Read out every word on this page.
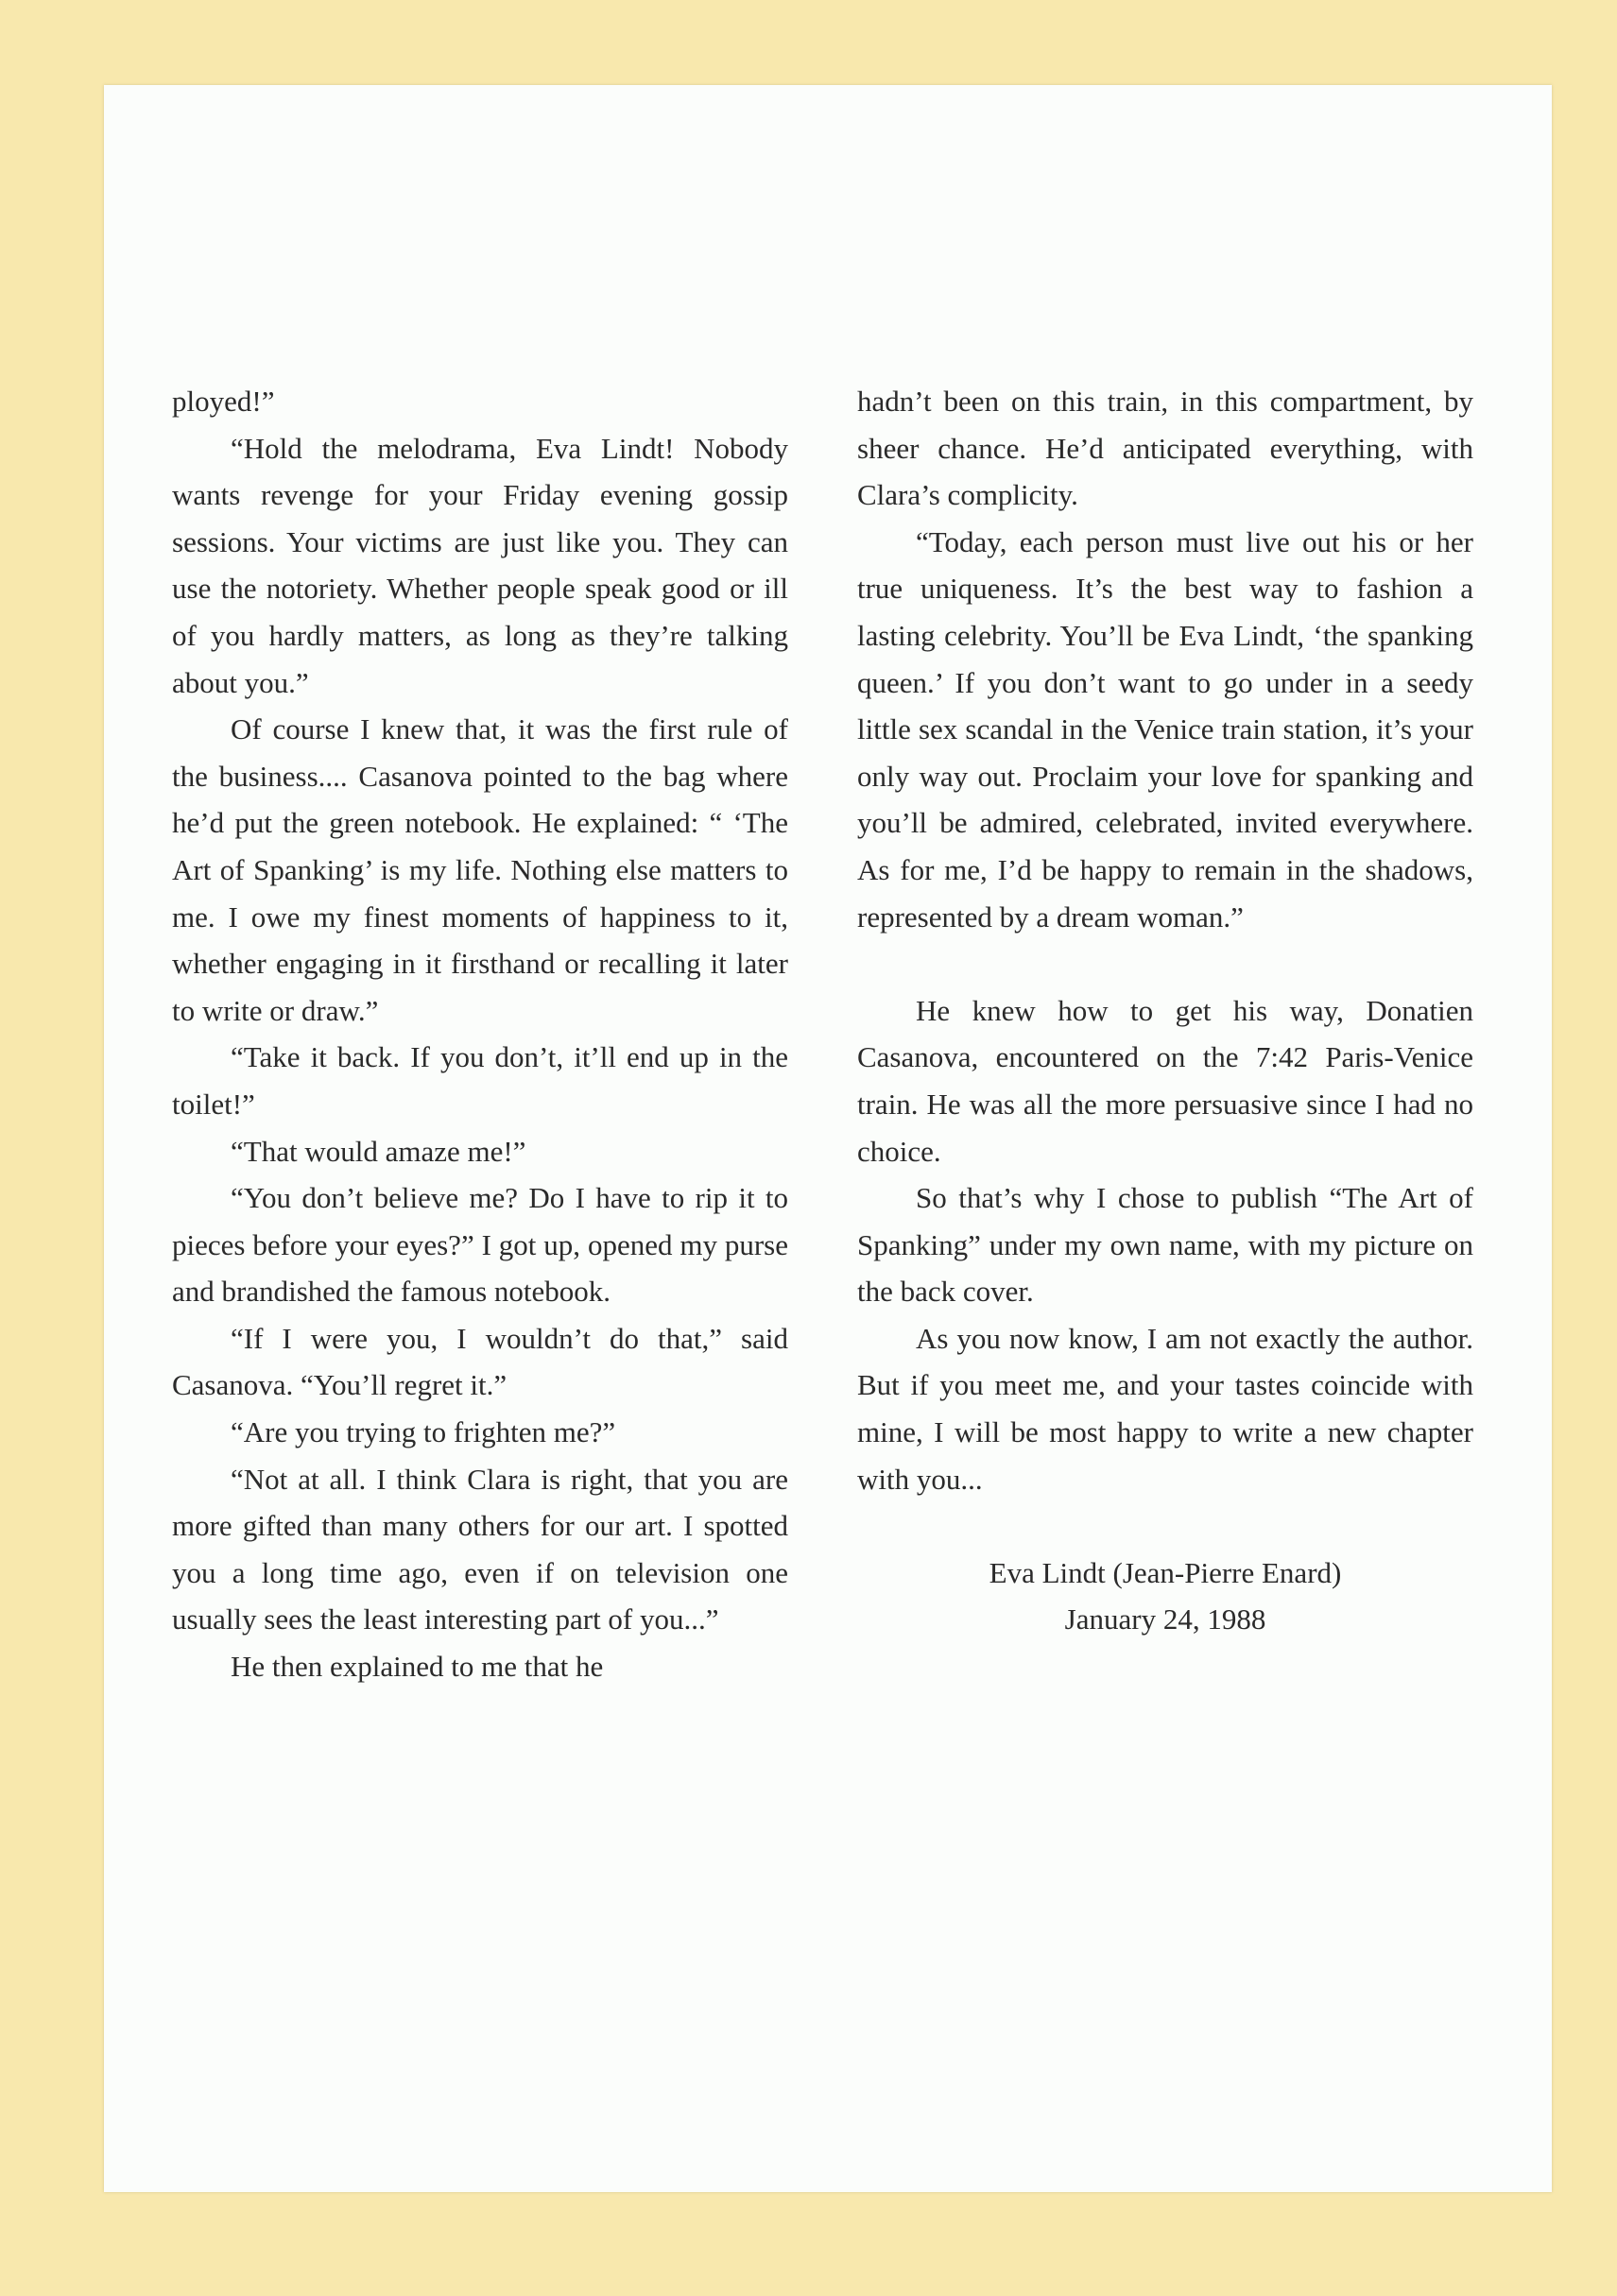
ployed!”

“Hold the melodrama, Eva Lindt! Nobody wants revenge for your Friday evening gossip sessions. Your victims are just like you. They can use the notoriety. Whether people speak good or ill of you hardly matters, as long as they’re talking about you.”

Of course I knew that, it was the first rule of the business.... Casanova pointed to the bag where he’d put the green notebook. He explained: “ ‘The Art of Spanking’ is my life. Nothing else matters to me. I owe my finest moments of happiness to it, whether engaging in it firsthand or recalling it later to write or draw.”

“Take it back. If you don’t, it’ll end up in the toilet!”

“That would amaze me!”

“You don’t believe me? Do I have to rip it to pieces before your eyes?” I got up, opened my purse and brandished the famous notebook.

“If I were you, I wouldn’t do that,” said Casanova. “You’ll regret it.”

“Are you trying to frighten me?”

“Not at all. I think Clara is right, that you are more gifted than many others for our art. I spotted you a long time ago, even if on television one usually sees the least interesting part of you...”

He then explained to me that he

hadn’t been on this train, in this compartment, by sheer chance. He’d anticipated everything, with Clara’s complicity.

“Today, each person must live out his or her true uniqueness. It’s the best way to fashion a lasting celebrity. You’ll be Eva Lindt, ‘the spanking queen.’ If you don’t want to go under in a seedy little sex scandal in the Venice train station, it’s your only way out. Proclaim your love for spanking and you’ll be admired, celebrated, invited everywhere. As for me, I’d be happy to remain in the shadows, represented by a dream woman.”

He knew how to get his way, Donatien Casanova, encountered on the 7:42 Paris-Venice train. He was all the more persuasive since I had no choice.

So that’s why I chose to publish “The Art of Spanking” under my own name, with my picture on the back cover.

As you now know, I am not exactly the author. But if you meet me, and your tastes coincide with mine, I will be most happy to write a new chapter with you...

Eva Lindt (Jean-Pierre Enard)
January 24, 1988
